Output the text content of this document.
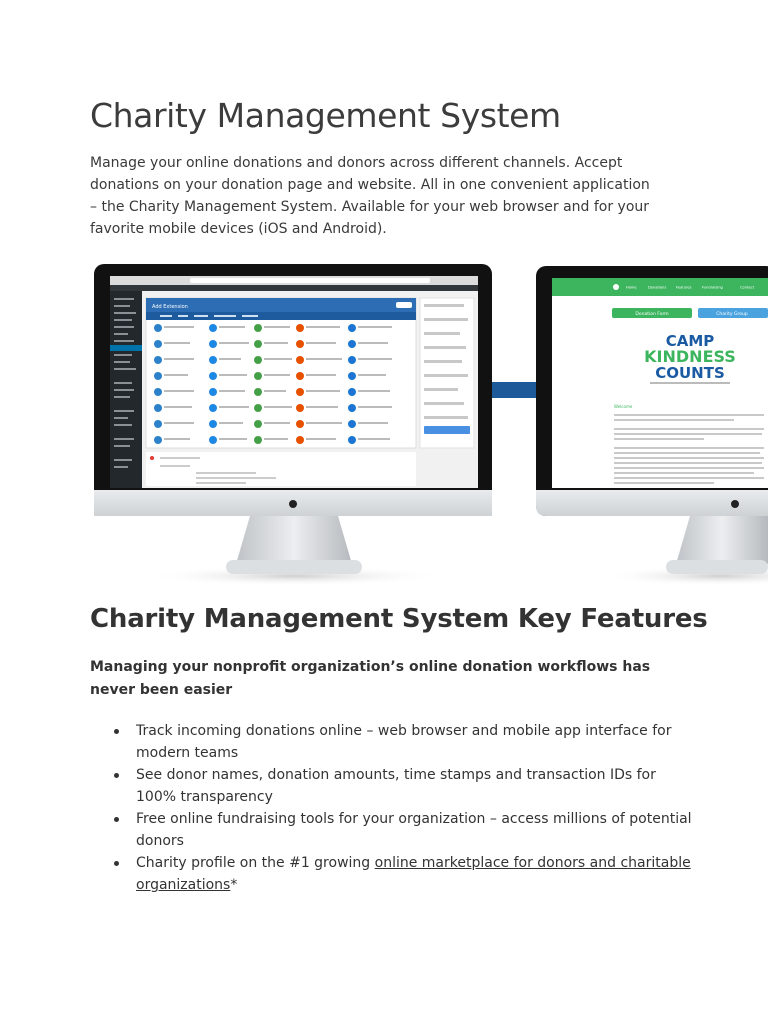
Charity Management System

Manage your online donations and donors across different channels. Accept donations on your donation page and website. All in one convenient application – the Charity Management System. Available for your web browser and for your favorite mobile devices (iOS and Android).

Add Extension
Home	Donations	Features	Fundraising	Contact
Donation Form	Charity Group
CAMP
KINDNESS
COUNTS
Welcome
Charity Management System Key Features

Managing your nonprofit organization’s online donation workflows has never been easier

Track incoming donations online – web browser and mobile app interface for modern teams
See donor names, donation amounts, time stamps and transaction IDs for 100% transparency
Free online fundraising tools for your organization – access millions of potential donors
Charity profile on the #1 growing online marketplace for donors and charitable organizations*
